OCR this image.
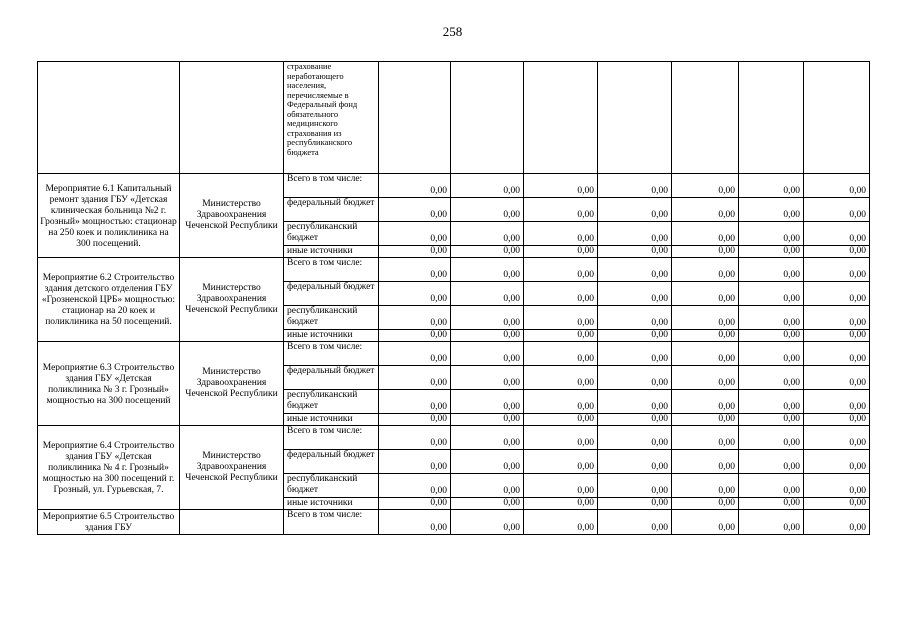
258
		страхование неработающего населения, перечисляемые в Федеральный фонд обязательного медицинского страхования из республиканского бюджета							
Мероприятие 6.1 Капитальный ремонт здания ГБУ «Детская клиническая больница №2 г. Грозный» мощностью: стационар на 250 коек и поликлиника на 300 посещений.	Министерство Здравоохранения Чеченской Республики	Всего в том числе:	0,00	0,00	0,00	0,00	0,00	0,00	0,00
		федеральный бюджет	0,00	0,00	0,00	0,00	0,00	0,00	0,00
		республиканский бюджет	0,00	0,00	0,00	0,00	0,00	0,00	0,00
		иные источники	0,00	0,00	0,00	0,00	0,00	0,00	0,00
Мероприятие 6.2 Строительство здания детского отделения ГБУ «Грозненской ЦРБ» мощностью: стационар на 20 коек и поликлиника на 50 посещений.	Министерство Здравоохранения Чеченской Республики	Всего в том числе:	0,00	0,00	0,00	0,00	0,00	0,00	0,00
		федеральный бюджет	0,00	0,00	0,00	0,00	0,00	0,00	0,00
		республиканский бюджет	0,00	0,00	0,00	0,00	0,00	0,00	0,00
		иные источники	0,00	0,00	0,00	0,00	0,00	0,00	0,00
Мероприятие 6.3 Строительство здания ГБУ «Детская поликлиника № 3 г. Грозный» мощностью на 300 посещений	Министерство Здравоохранения Чеченской Республики	Всего в том числе:	0,00	0,00	0,00	0,00	0,00	0,00	0,00
		федеральный бюджет	0,00	0,00	0,00	0,00	0,00	0,00	0,00
		республиканский бюджет	0,00	0,00	0,00	0,00	0,00	0,00	0,00
		иные источники	0,00	0,00	0,00	0,00	0,00	0,00	0,00
Мероприятие 6.4 Строительство здания ГБУ «Детская поликлиника № 4 г. Грозный» мощностью на 300 посещений г. Грозный, ул. Гурьевская, 7.	Министерство Здравоохранения Чеченской Республики	Всего в том числе:	0,00	0,00	0,00	0,00	0,00	0,00	0,00
		федеральный бюджет	0,00	0,00	0,00	0,00	0,00	0,00	0,00
		республиканский бюджет	0,00	0,00	0,00	0,00	0,00	0,00	0,00
		иные источники	0,00	0,00	0,00	0,00	0,00	0,00	0,00
Мероприятие 6.5 Строительство здания ГБУ		Всего в том числе:	0,00	0,00	0,00	0,00	0,00	0,00	0,00
